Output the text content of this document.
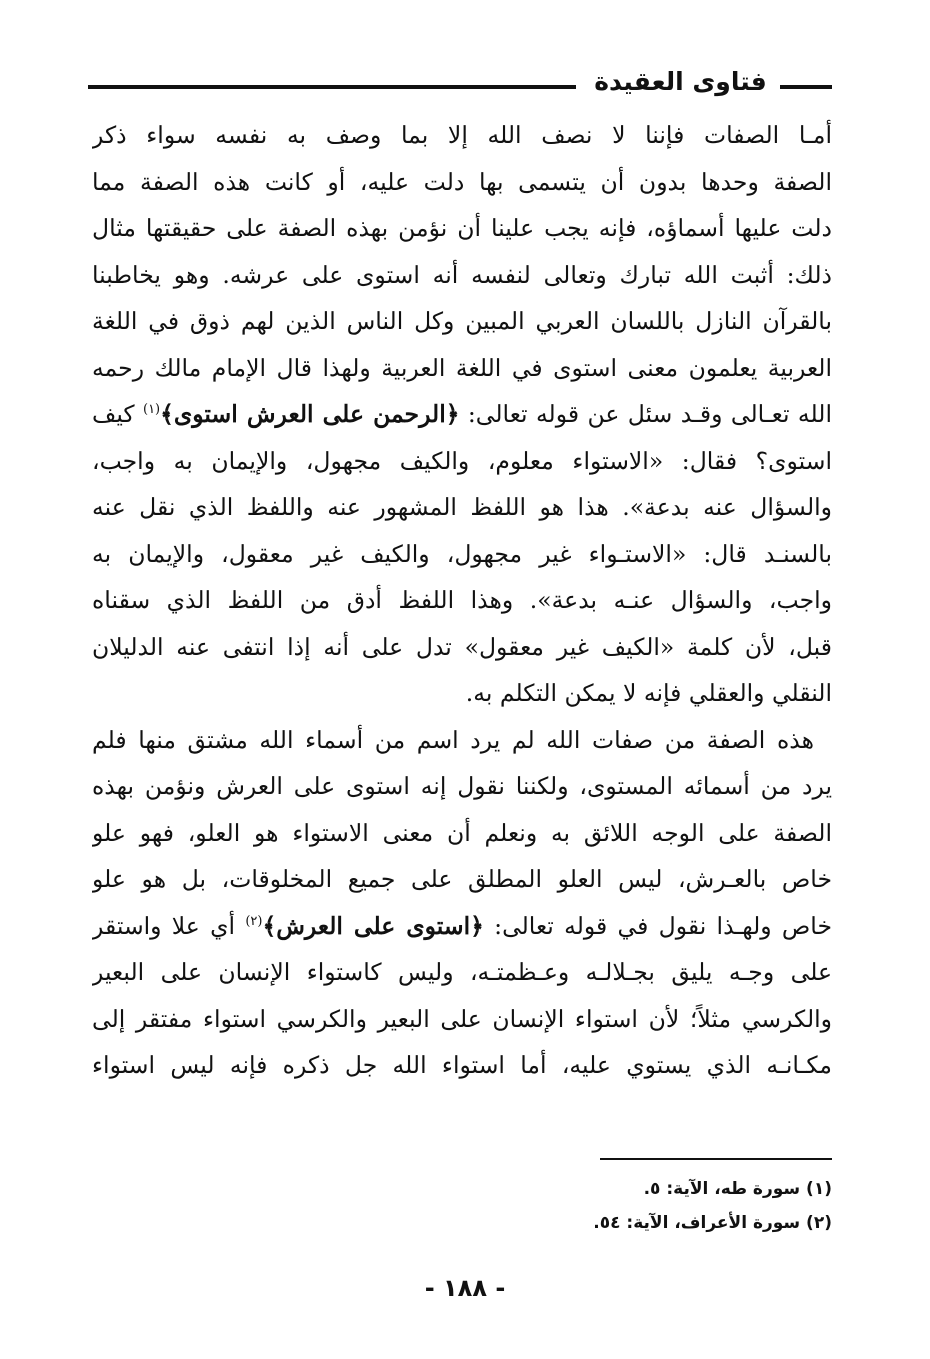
فتاوى العقيدة
أمـا الصفات فإننا لا نصف الله إلا بما وصف به نفسه سواء ذكر
الصفة وحدها بدون أن يتسمى بها دلت عليه، أو كانت هذه الصفة مما
دلت عليها أسماؤه، فإنه يجب علينا أن نؤمن بهذه الصفة على حقيقتها مثال
ذلك: أثبت الله تبارك وتعالى لنفسه أنه استوى على عرشه. وهو يخاطبنا
بالقرآن النازل باللسان العربي المبين وكل الناس الذين لهم ذوق في اللغة
العربية يعلمون معنى استوى في اللغة العربية ولهذا قال الإمام مالك رحمه
الله تعـالى وقـد سئل عن قوله تعالى: ﴿الرحمن على العرش استوى﴾$^{(١)}$ كيف
استوى؟ فقال: «الاستواء معلوم، والكيف مجهول، والإيمان به واجب،
والسؤال عنه بدعة». هذا هو اللفظ المشهور عنه واللفظ الذي نقل عنه
بالسنـد قال: «الاستـواء غير مجهول، والكيف غير معقول، والإيمان به
واجب، والسؤال عنـه بدعة». وهذا اللفظ أدق من اللفظ الذي سقناه
قبل، لأن كلمة «الكيف غير معقول» تدل على أنه إذا انتفى عنه الدليلان
النقلي والعقلي فإنه لا يمكن التكلم به.
هذه الصفة من صفات الله لم يرد اسم من أسماء الله مشتق منها فلم
يرد من أسمائه المستوى، ولكننا نقول إنه استوى على العرش ونؤمن بهذه
الصفة على الوجه اللائق به ونعلم أن معنى الاستواء هو العلو، فهو علو
خاص بالعـرش، ليس العلو المطلق على جميع المخلوقات، بل هو علو
خاص ولهـذا نقول في قوله تعالى: ﴿استوى على العرش﴾$^{(٢)}$ أي علا واستقر
على وجـه يليق بجـلالـه وعـظمتـه، وليس كاستواء الإنسان على البعير
والكرسي مثلاً؛ لأن استواء الإنسان على البعير والكرسي استواء مفتقر إلى
مكـانـه الذي يستوي عليه، أما استواء الله جل ذكره فإنه ليس استواء
(١) سورة طه، الآية: ٥.
(٢) سورة الأعراف، الآية: ٥٤.
- ١٨٨ -
